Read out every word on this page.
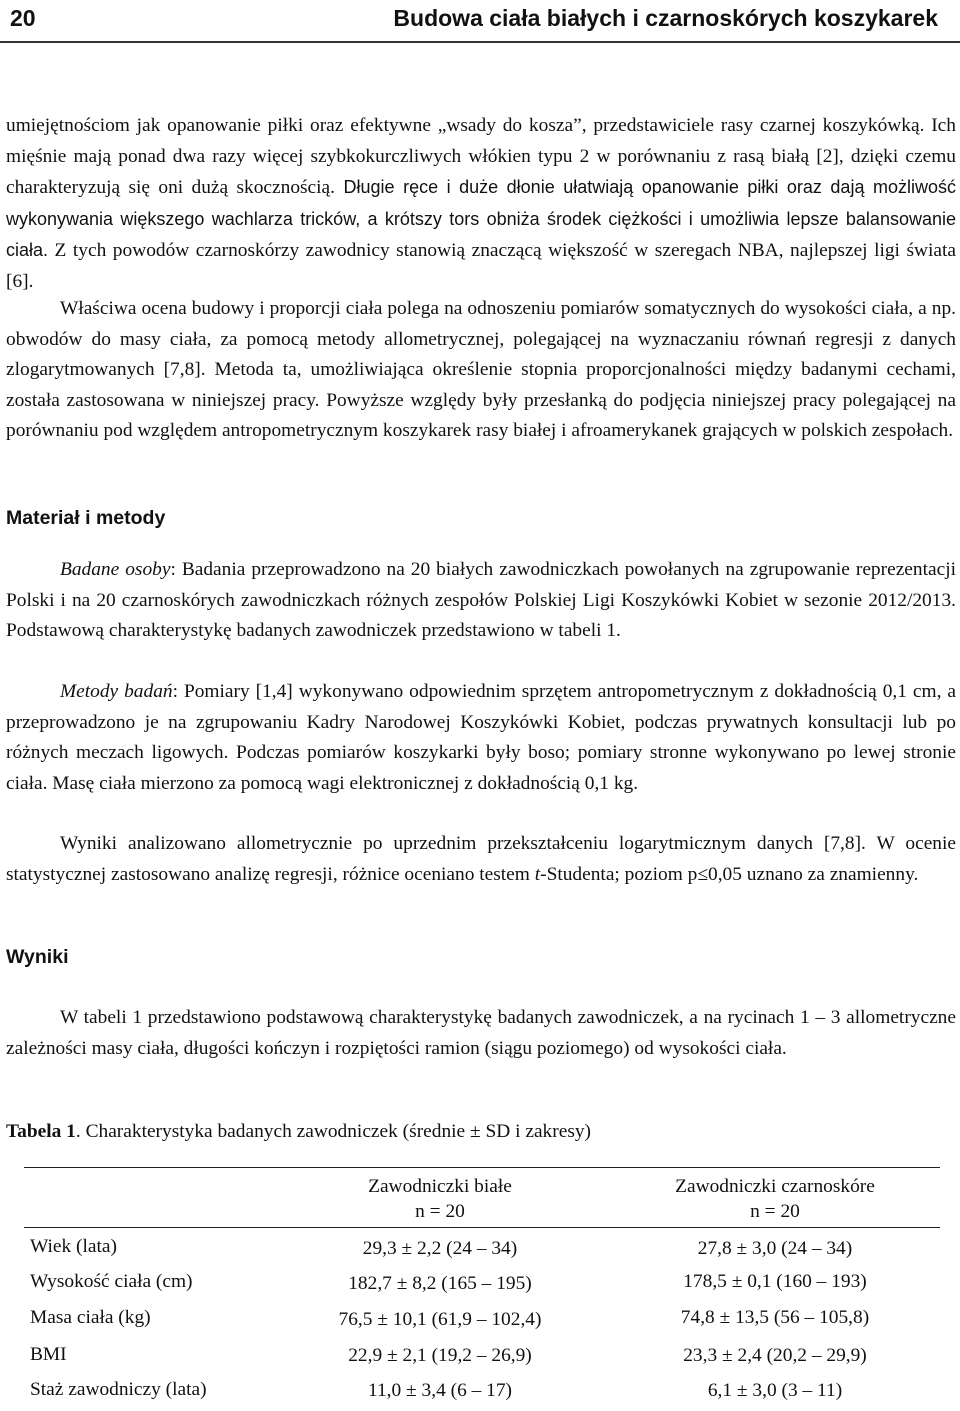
20	Budowa ciała białych i czarnoskórych koszykarek

umiejętnościom jak opanowanie piłki oraz efektywne „wsady do kosza”, przedstawiciele rasy czarnej koszykówką. Ich mięśnie mają ponad dwa razy więcej szybkokurczliwych włókien typu 2 w porównaniu z rasą białą [2], dzięki czemu charakteryzują się oni dużą skocznością. Długie ręce i duże dłonie ułatwiają opanowanie piłki oraz dają możliwość wykonywania większego wachlarza tricków, a krótszy tors obniża środek ciężkości i umożliwia lepsze balansowanie ciała. Z tych powodów czarnoskórzy zawodnicy stanowią znaczącą większość w szeregach NBA, najlepszej ligi świata [6].

Właściwa ocena budowy i proporcji ciała polega na odnoszeniu pomiarów somatycznych do wysokości ciała, a np. obwodów do masy ciała, za pomocą metody allometrycznej, polegającej na wyznaczaniu równań regresji z danych zlogarytmowanych [7,8]. Metoda ta, umożliwiająca określenie stopnia proporcjonalności między badanymi cechami, została zastosowana w niniejszej pracy. Powyższe względy były przesłanką do podjęcia niniejszej pracy polegającej na porównaniu pod względem antropometrycznym koszykarek rasy białej i afroamerykanek grających w polskich zespołach.

Materiał i metody

Badane osoby: Badania przeprowadzono na 20 białych zawodniczkach powołanych na zgrupowanie reprezentacji Polski i na 20 czarnoskórych zawodniczkach różnych zespołów Polskiej Ligi Koszykówki Kobiet w sezonie 2012/2013. Podstawową charakterystykę badanych zawodniczek przedstawiono w tabeli 1.

Metody badań: Pomiary [1,4] wykonywano odpowiednim sprzętem antropometrycznym z dokładnością 0,1 cm, a przeprowadzono je na zgrupowaniu Kadry Narodowej Koszykówki Kobiet, podczas prywatnych konsultacji lub po różnych meczach ligowych. Podczas pomiarów koszykarki były boso; pomiary stronne wykonywano po lewej stronie ciała. Masę ciała mierzono za pomocą wagi elektronicznej z dokładnością 0,1 kg.

Wyniki analizowano allometrycznie po uprzednim przekształceniu logarytmicznym danych [7,8]. W ocenie statystycznej zastosowano analizę regresji, różnice oceniano testem t-Studenta; poziom p≤0,05 uznano za znamienny.

Wyniki

W tabeli 1 przedstawiono podstawową charakterystykę badanych zawodniczek, a na rycinach 1 – 3 allometryczne zależności masy ciała, długości kończyn i rozpiętości ramion (siągu poziomego) od wysokości ciała.

Tabela 1. Charakterystyka badanych zawodniczek (średnie ± SD i zakresy)
Zawodniczki białe
n = 20
Zawodniczki czarnoskóre
n = 20
Wiek (lata)	29,3 ± 2,2 (24 – 34)	27,8 ± 3,0 (24 – 34)
Wysokość ciała (cm)	182,7 ± 8,2 (165 – 195)	178,5 ± 0,1 (160 – 193)
Masa ciała (kg)	76,5 ± 10,1 (61,9 – 102,4)	74,8 ± 13,5 (56 – 105,8)
BMI	22,9 ± 2,1 (19,2 – 26,9)	23,3 ± 2,4 (20,2 – 29,9)
Staż zawodniczy (lata)	11,0 ± 3,4 (6 – 17)	6,1 ± 3,0 (3 – 11)
